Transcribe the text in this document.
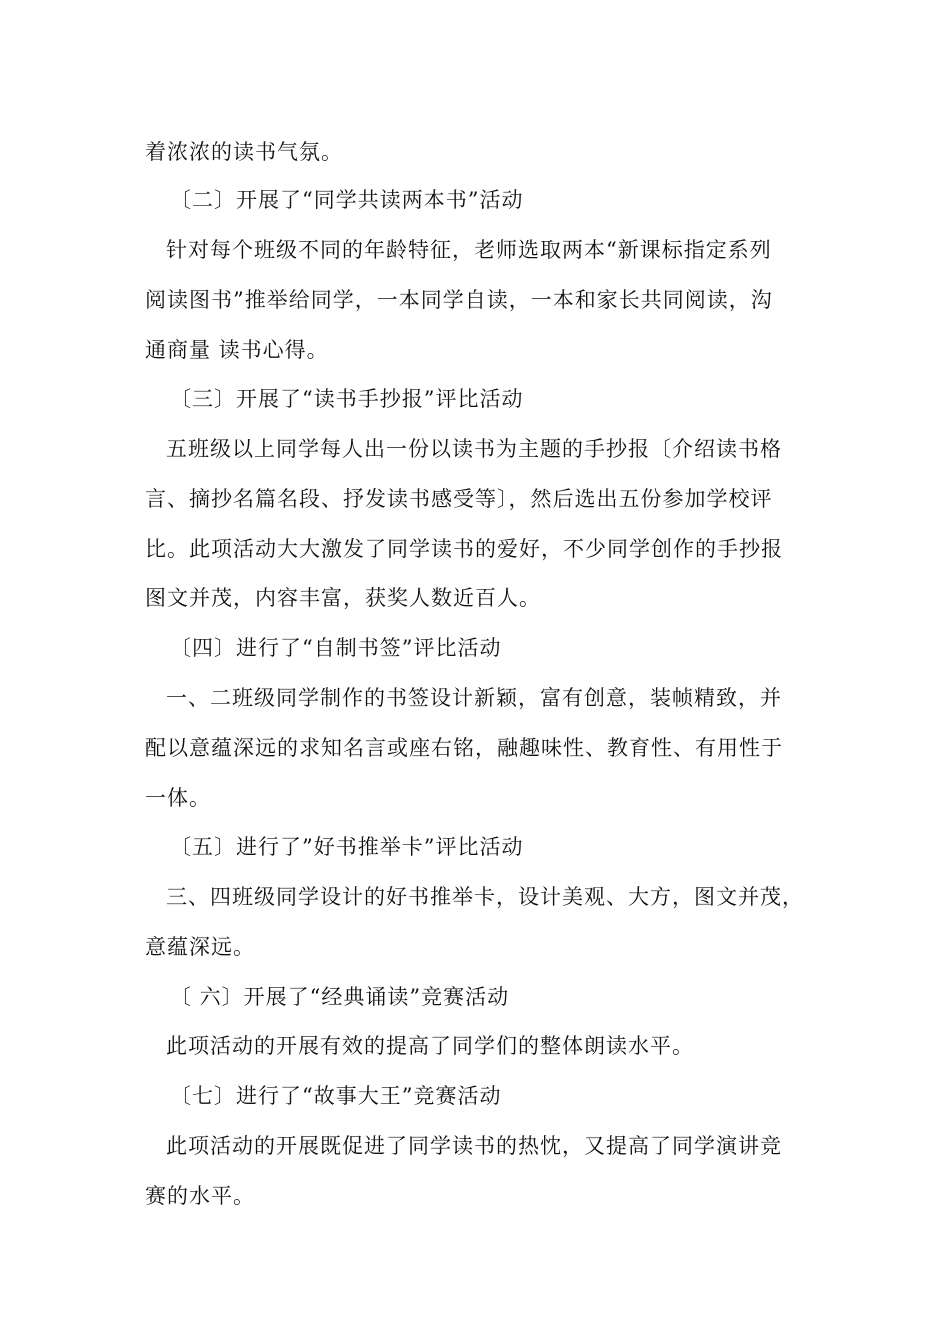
着浓浓的读书气氛。
〔二〕开展了“同学共读两本书”活动
针对每个班级不同的年龄特征，老师选取两本“新课标指定系列
阅读图书”推举给同学，一本同学自读，一本和家长共同阅读，沟
通商量 读书心得。
〔三〕开展了“读书手抄报”评比活动
五班级以上同学每人出一份以读书为主题的手抄报〔介绍读书格
言、摘抄名篇名段、抒发读书感受等〕，然后选出五份参加学校评
比。此项活动大大激发了同学读书的爱好，不少同学创作的手抄报
图文并茂，内容丰富，获奖人数近百人。
〔四〕进行了“自制书签”评比活动
一、二班级同学制作的书签设计新颖，富有创意，装帧精致，并
配以意蕴深远的求知名言或座右铭，融趣味性、教育性、有用性于
一体。
〔五〕进行了”好书推举卡”评比活动
三、四班级同学设计的好书推举卡，设计美观、大方，图文并茂，
意蕴深远。
〔 六〕开展了“经典诵读”竞赛活动
此项活动的开展有效的提高了同学们的整体朗读水平。
〔七〕进行了“故事大王”竞赛活动
此项活动的开展既促进了同学读书的热忱，又提高了同学演讲竞
赛的水平。
